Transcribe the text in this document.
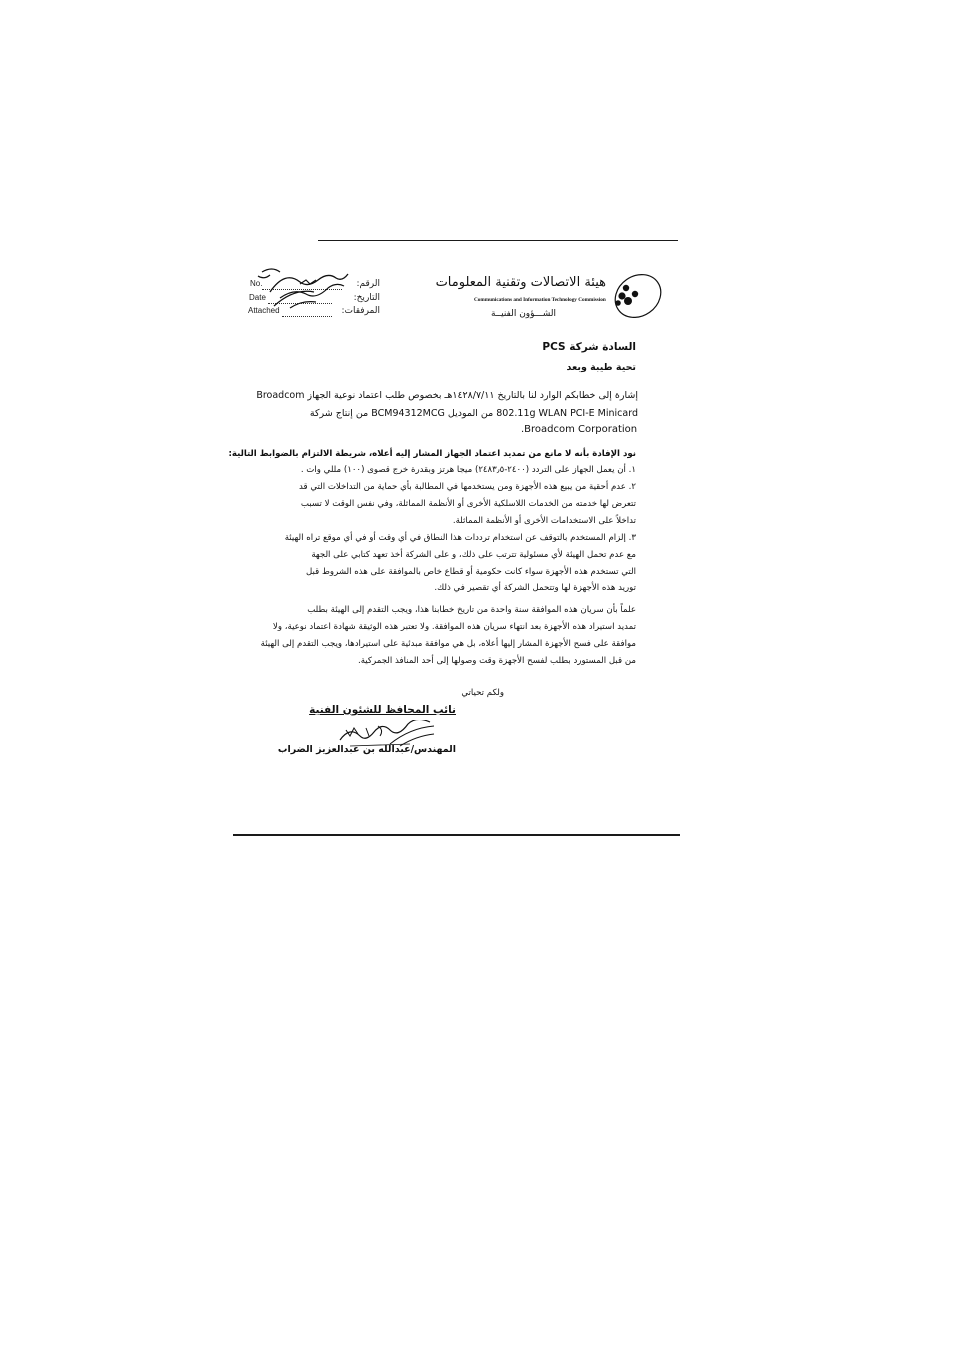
هيئة الاتصالات وتقنية المعلومات
Communications and Information Technology Commission
الشـــؤون الفنيــة
الرقم:
No.
التاريخ:
Date
المرفقات:
Attached
السادة شركة PCS
تحية طيبة وبعد
إشارة إلى خطابكم الوارد لنا بالتاريخ ١٤٢٨/٧/١١هـ بخصوص طلب اعتماد نوعية الجهاز Broadcom
802.11g WLAN PCI-E Minicard من الموديل BCM94312MCG من إنتاج شركة
.Broadcom Corporation
نود الإفادة بأنه لا مانع من تمديد اعتماد الجهاز المشار إليه أعلاه، شريطة الالتزام بالضوابط التالية:
١. أن يعمل الجهاز على التردد (٢٤٠٠-٢٤٨٣٫٥) ميجا هرتز وبقدرة خرج قصوى (١٠٠) مللي وات .
٢. عدم أحقية من يبيع هذه الأجهزة ومن يستخدمها في المطالبة بأي حماية من التداخلات التي قد
تتعرض لها خدمته من الخدمات اللاسلكية الأخرى أو الأنظمة المماثلة، وفي نفس الوقت لا تسبب
تداخلاً على الاستخدامات الأخرى أو الأنظمة المماثلة.
٣. إلزام المستخدم بالتوقف عن استخدام ترددات هذا النطاق في أي وقت أو في أي موقع تراه الهيئة
مع عدم تحمل الهيئة لأي مسئولية تترتب على ذلك، و على الشركة أخذ تعهد كتابي على الجهة
التي تستخدم هذه الأجهزة سواء كانت حكومية أو قطاع خاص بالموافقة على هذه الشروط قبل
توريد هذه الأجهزة لها وتتحمل الشركة أي تقصير في ذلك.
علماً بأن سريان هذه الموافقة سنة واحدة من تاريخ خطابنا هذا، ويجب التقدم إلى الهيئة بطلب
تمديد استيراد هذه الأجهزة بعد انتهاء سريان هذه الموافقة. ولا تعتبر هذه الوثيقة شهادة اعتماد نوعية، ولا
موافقة على فسح الأجهزة المشار إليها أعلاه، بل هي موافقة مبدئية على استيرادها، ويجب التقدم إلى الهيئة
من قبل المستورد بطلب لفسح الأجهزة وقت وصولها إلى أحد المنافذ الجمركية.
ولكم تحياتي
نائب المحافظ للشئون الفنية
المهندس/عبدالله بن عبدالعزيز الضراب
